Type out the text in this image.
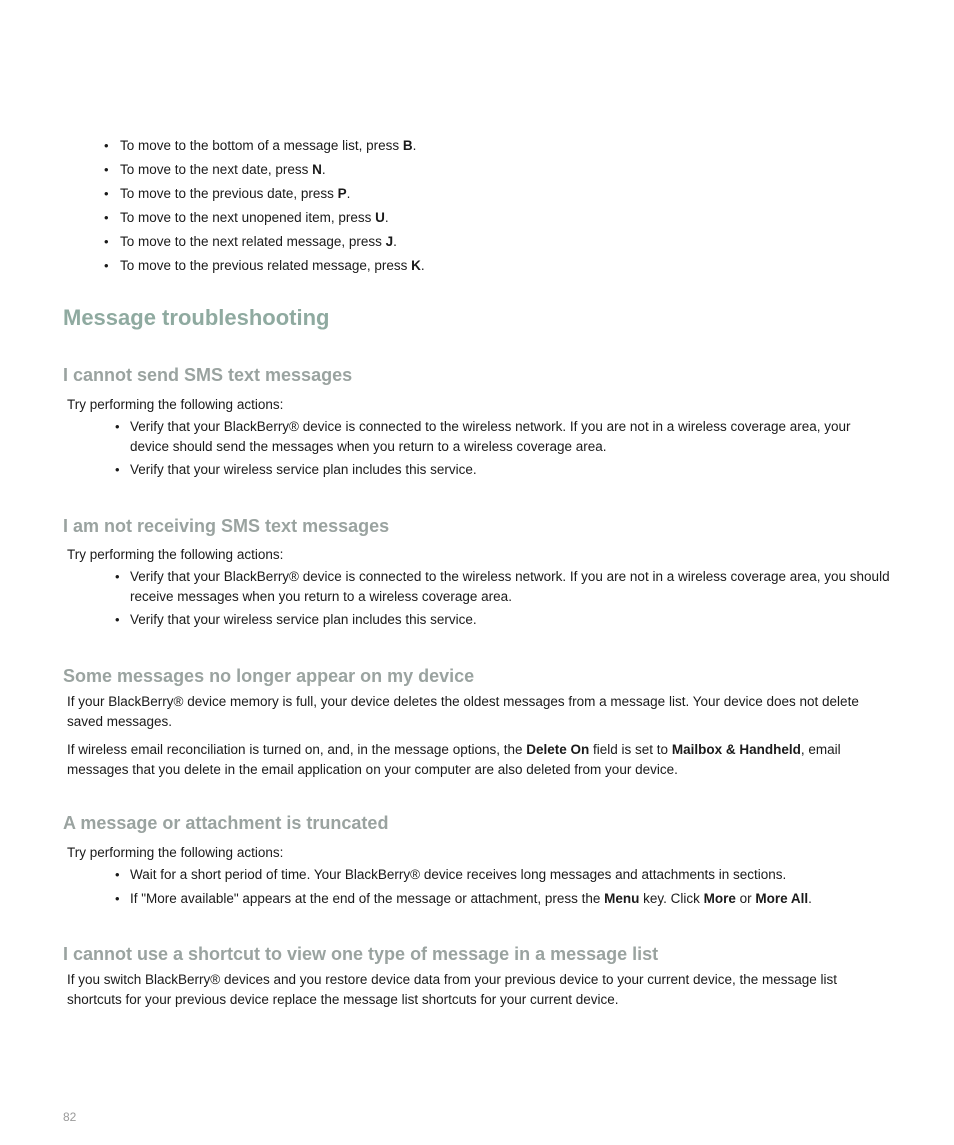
• To move to the bottom of a message list, press B.
• To move to the next date, press N.
• To move to the previous date, press P.
• To move to the next unopened item, press U.
• To move to the next related message, press J.
• To move to the previous related message, press K.
Message troubleshooting
I cannot send SMS text messages

Try performing the following actions:

• Verify that your BlackBerry® device is connected to the wireless network. If you are not in a wireless coverage area, your device should send the messages when you return to a wireless coverage area.
• Verify that your wireless service plan includes this service.
I am not receiving SMS text messages

Try performing the following actions:

• Verify that your BlackBerry® device is connected to the wireless network. If you are not in a wireless coverage area, you should receive messages when you return to a wireless coverage area.
• Verify that your wireless service plan includes this service.
Some messages no longer appear on my device

If your BlackBerry® device memory is full, your device deletes the oldest messages from a message list. Your device does not delete saved messages.

If wireless email reconciliation is turned on, and, in the message options, the Delete On field is set to Mailbox & Handheld, email messages that you delete in the email application on your computer are also deleted from your device.

A message or attachment is truncated

Try performing the following actions:

• Wait for a short period of time. Your BlackBerry® device receives long messages and attachments in sections.
• If "More available" appears at the end of the message or attachment, press the Menu key. Click More or More All.
I cannot use a shortcut to view one type of message in a message list

If you switch BlackBerry® devices and you restore device data from your previous device to your current device, the message list shortcuts for your previous device replace the message list shortcuts for your current device.

82
